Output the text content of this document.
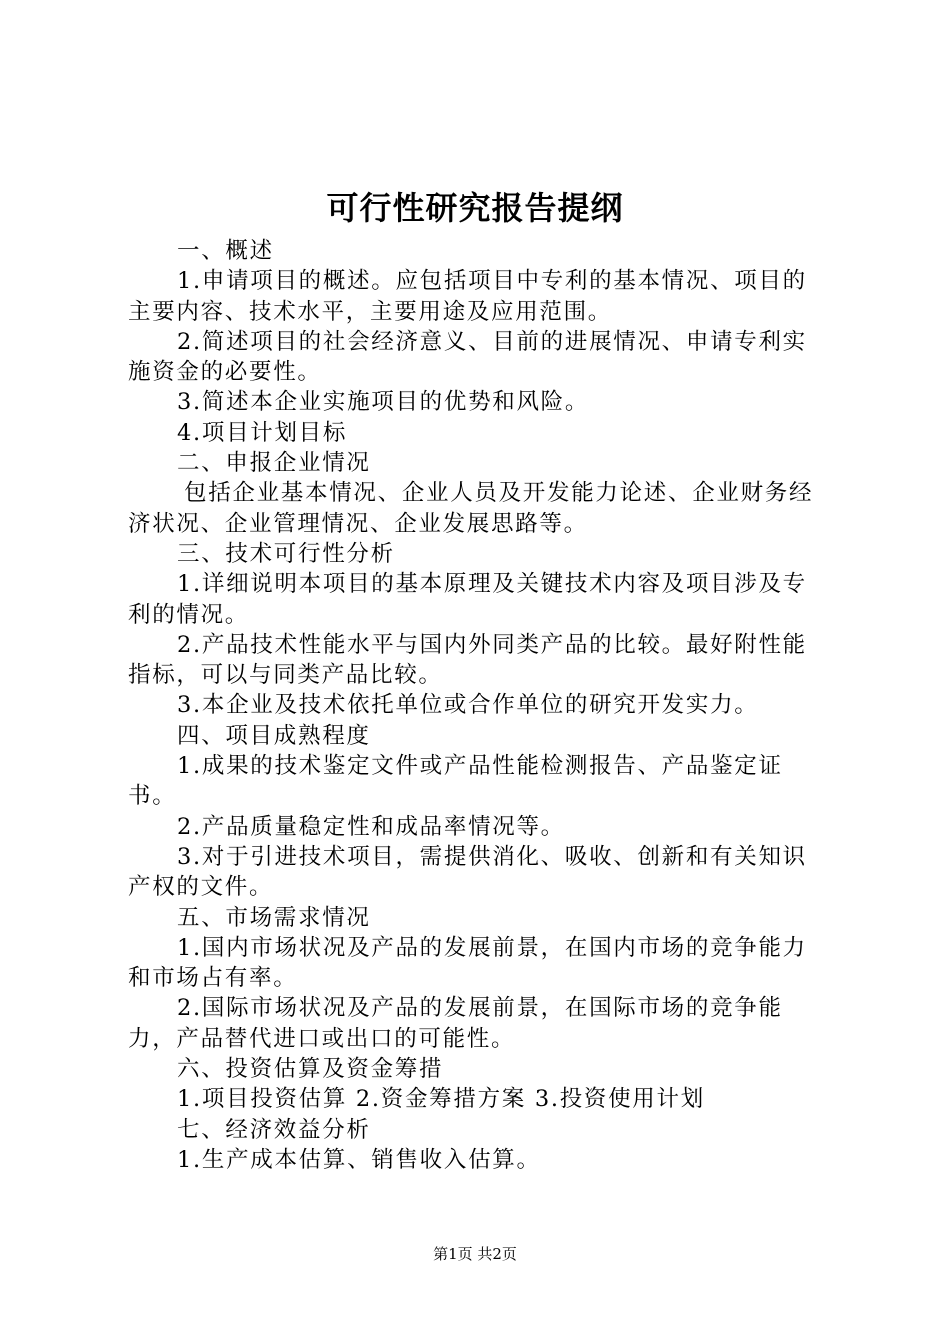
可行性研究报告提纲

一、概述

1.申请项目的概述。应包括项目中专利的基本情况、项目的主要内容、技术水平，主要用途及应用范围。

2.简述项目的社会经济意义、目前的进展情况、申请专利实施资金的必要性。

3.简述本企业实施项目的优势和风险。

4.项目计划目标

二、申报企业情况

包括企业基本情况、企业人员及开发能力论述、企业财务经济状况、企业管理情况、企业发展思路等。

三、技术可行性分析

1.详细说明本项目的基本原理及关键技术内容及项目涉及专利的情况。

2.产品技术性能水平与国内外同类产品的比较。最好附性能指标，可以与同类产品比较。

3.本企业及技术依托单位或合作单位的研究开发实力。

四、项目成熟程度

1.成果的技术鉴定文件或产品性能检测报告、产品鉴定证书。

2.产品质量稳定性和成品率情况等。

3.对于引进技术项目，需提供消化、吸收、创新和有关知识产权的文件。

五、市场需求情况

1.国内市场状况及产品的发展前景，在国内市场的竞争能力和市场占有率。

2.国际市场状况及产品的发展前景，在国际市场的竞争能力，产品替代进口或出口的可能性。

六、投资估算及资金筹措

1.项目投资估算 2.资金筹措方案 3.投资使用计划

七、经济效益分析

1.生产成本估算、销售收入估算。

第1页 共2页
